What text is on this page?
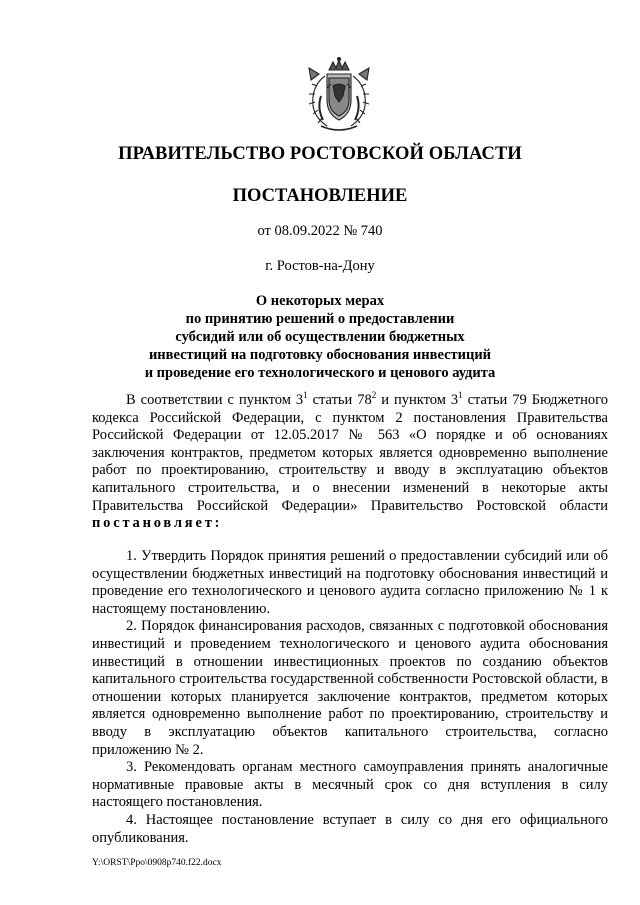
ПРАВИТЕЛЬСТВО РОСТОВСКОЙ ОБЛАСТИ
ПОСТАНОВЛЕНИЕ
от 08.09.2022 № 740
г. Ростов-на-Дону
О некоторых мерах
по принятию решений о предоставлении
субсидий или об осуществлении бюджетных
инвестиций на подготовку обоснования инвестиций
и проведение его технологического и ценового аудита

В соответствии с пунктом $3^1$ статьи $78^2$ и пунктом $3^1$ статьи 79 Бюджетного кодекса Российской Федерации, с пунктом 2 постановления Правительства Российской Федерации от 12.05.2017 № 563 «О порядке и об основаниях заключения контрактов, предметом которых является одновременно выполнение работ по проектированию, строительству и вводу в эксплуатацию объектов капитального строительства, и о внесении изменений в некоторые акты Правительства Российской Федерации» Правительство Ростовской области постановляет:

1. Утвердить Порядок принятия решений о предоставлении субсидий или об осуществлении бюджетных инвестиций на подготовку обоснования инвестиций и проведение его технологического и ценового аудита согласно приложению № 1 к настоящему постановлению.

2. Порядок финансирования расходов, связанных с подготовкой обоснования инвестиций и проведением технологического и ценового аудита обоснования инвестиций в отношении инвестиционных проектов по созданию объектов капитального строительства государственной собственности Ростовской области, в отношении которых планируется заключение контрактов, предметом которых является одновременно выполнение работ по проектированию, строительству и вводу в эксплуатацию объектов капитального строительства, согласно приложению № 2.

3. Рекомендовать органам местного самоуправления принять аналогичные нормативные правовые акты в месячный срок со дня вступления в силу настоящего постановления.

4. Настоящее постановление вступает в силу со дня его официального опубликования.

Y:\ORST\Ppo\0908p740.f22.docx
